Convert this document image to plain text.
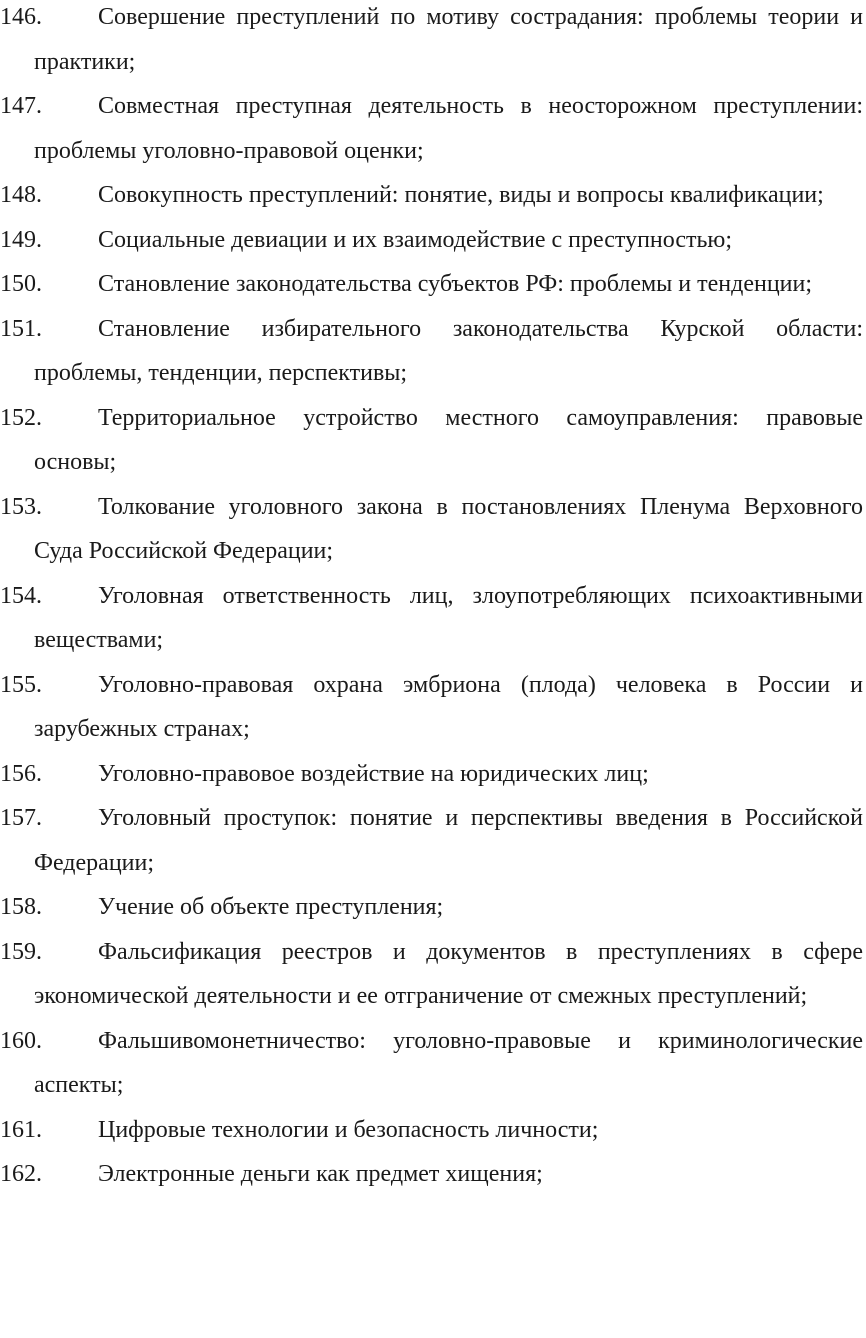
146. Совершение преступлений по мотиву сострадания: проблемы теории и практики;

147. Совместная преступная деятельность в неосторожном преступлении: проблемы уголовно-правовой оценки;

148. Совокупность преступлений: понятие, виды и вопросы квалификации;

149. Социальные девиации и их взаимодействие с преступностью;

150. Становление законодательства субъектов РФ: проблемы и тенденции;

151. Становление избирательного законодательства Курской области: проблемы, тенденции, перспективы;

152. Территориальное устройство местного самоуправления: правовые основы;

153. Толкование уголовного закона в постановлениях Пленума Верховного Суда Российской Федерации;

154. Уголовная ответственность лиц, злоупотребляющих психоактивными веществами;

155. Уголовно-правовая охрана эмбриона (плода) человека в России и зарубежных странах;

156. Уголовно-правовое воздействие на юридических лиц;

157. Уголовный проступок: понятие и перспективы введения в Российской Федерации;

158. Учение об объекте преступления;

159. Фальсификация реестров и документов в преступлениях в сфере экономической деятельности и ее отграничение от смежных преступлений;

160. Фальшивомонетничество: уголовно-правовые и криминологические аспекты;

161. Цифровые технологии и безопасность личности;

162. Электронные деньги как предмет хищения;
